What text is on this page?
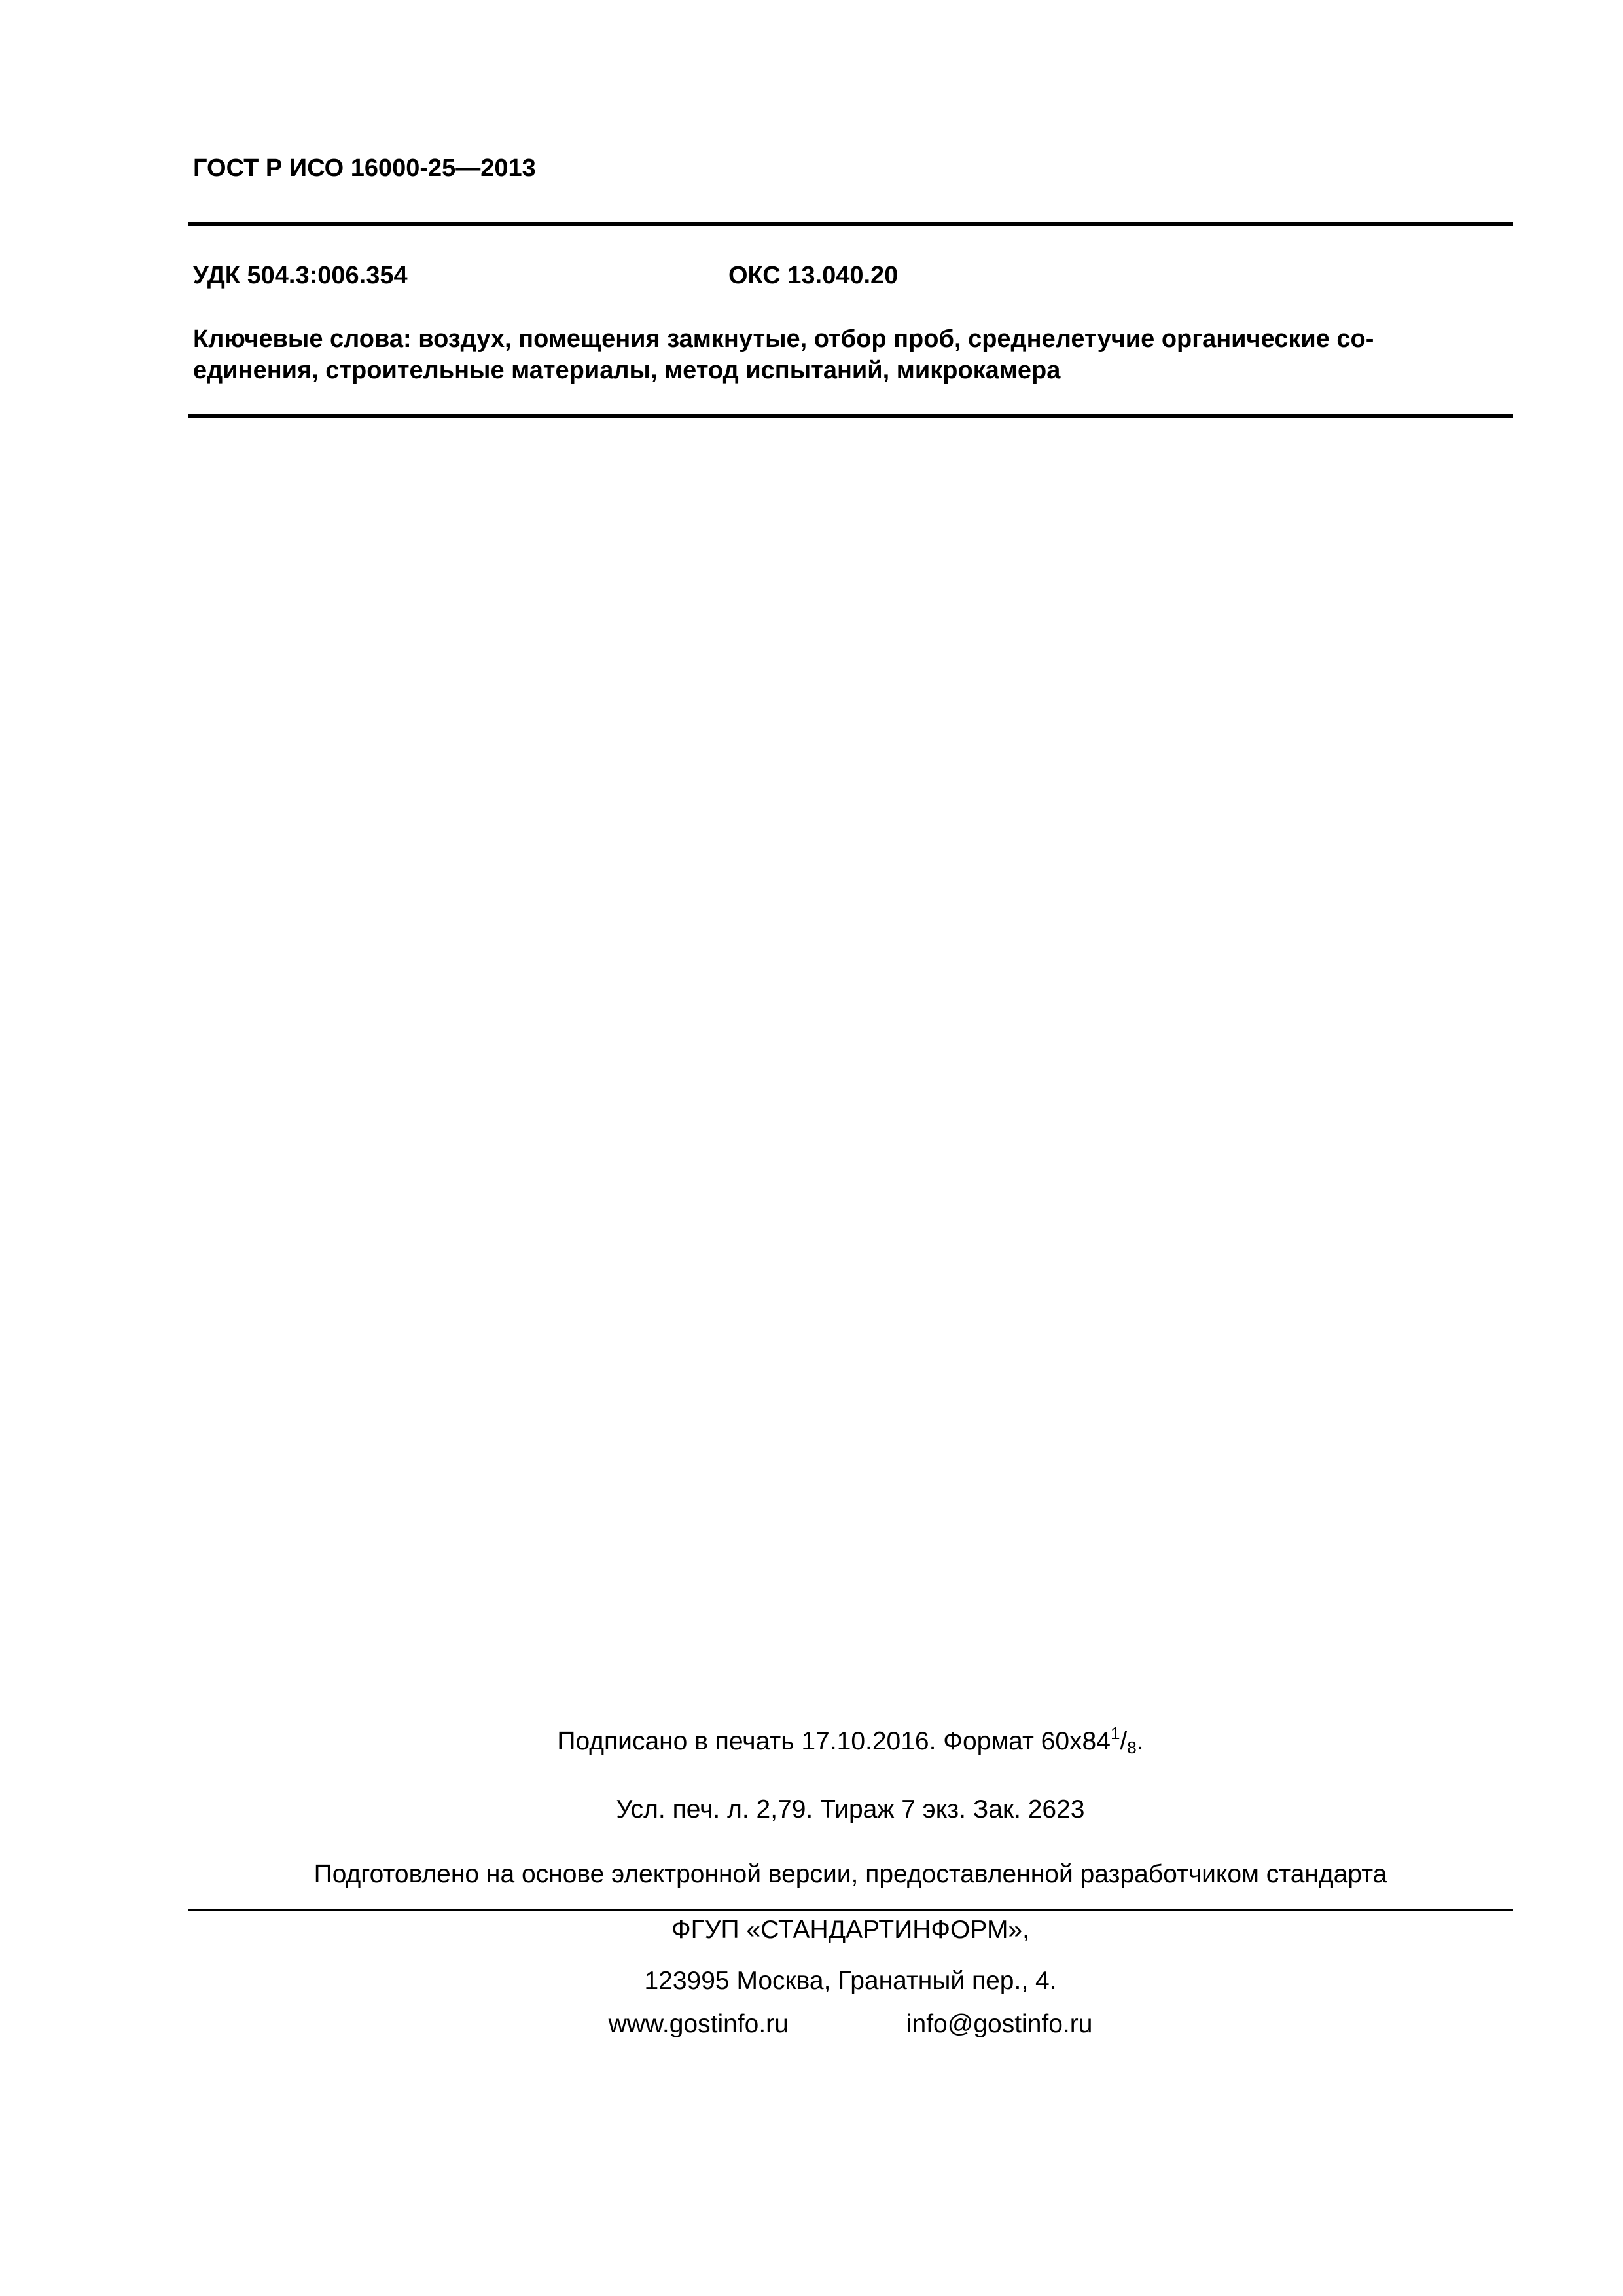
ГОСТ Р ИСО 16000-25—2013
УДК 504.3:006.354	ОКС 13.040.20
Ключевые слова: воздух, помещения замкнутые, отбор проб, среднелетучие органические со-
единения, строительные материалы, метод испытаний, микрокамера
Подписано в печать 17.10.2016. Формат $60x84^1/_8$.
Усл. печ. л. 2,79. Тираж 7 экз. Зак. 2623
Подготовлено на основе электронной версии, предоставленной разработчиком стандарта
ФГУП «СТАНДАРТИНФОРМ»,
123995 Москва, Гранатный пер., 4.
www.gostinfo.ru	info@gostinfo.ru
